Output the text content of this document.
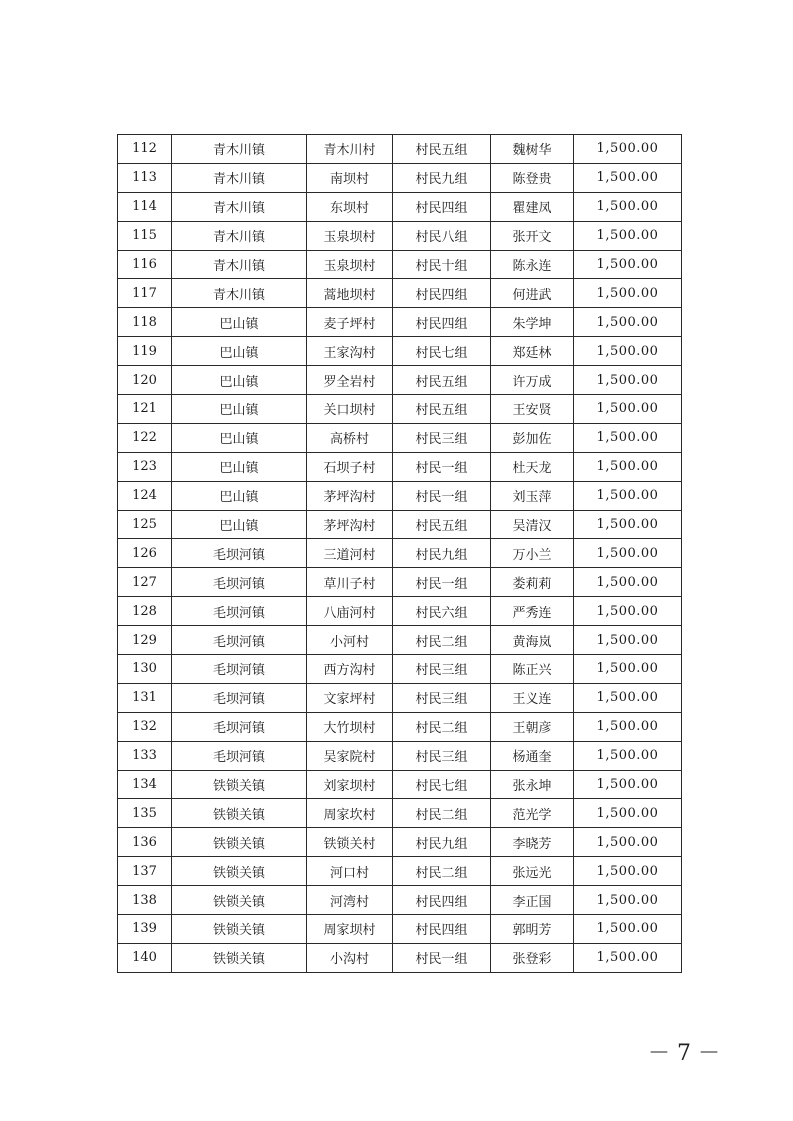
112	青木川镇	青木川村	村民五组	魏树华	1,500.00
113	青木川镇	南坝村	村民九组	陈登贵	1,500.00
114	青木川镇	东坝村	村民四组	瞿建凤	1,500.00
115	青木川镇	玉泉坝村	村民八组	张开文	1,500.00
116	青木川镇	玉泉坝村	村民十组	陈永连	1,500.00
117	青木川镇	蒿地坝村	村民四组	何进武	1,500.00
118	巴山镇	麦子坪村	村民四组	朱学坤	1,500.00
119	巴山镇	王家沟村	村民七组	郑廷林	1,500.00
120	巴山镇	罗全岩村	村民五组	许万成	1,500.00
121	巴山镇	关口坝村	村民五组	王安贤	1,500.00
122	巴山镇	高桥村	村民三组	彭加佐	1,500.00
123	巴山镇	石坝子村	村民一组	杜天龙	1,500.00
124	巴山镇	茅坪沟村	村民一组	刘玉萍	1,500.00
125	巴山镇	茅坪沟村	村民五组	吴清汉	1,500.00
126	毛坝河镇	三道河村	村民九组	万小兰	1,500.00
127	毛坝河镇	草川子村	村民一组	娄莉莉	1,500.00
128	毛坝河镇	八庙河村	村民六组	严秀连	1,500.00
129	毛坝河镇	小河村	村民二组	黄海岚	1,500.00
130	毛坝河镇	西方沟村	村民三组	陈正兴	1,500.00
131	毛坝河镇	文家坪村	村民三组	王义连	1,500.00
132	毛坝河镇	大竹坝村	村民二组	王朝彦	1,500.00
133	毛坝河镇	吴家院村	村民三组	杨通奎	1,500.00
134	铁锁关镇	刘家坝村	村民七组	张永坤	1,500.00
135	铁锁关镇	周家坎村	村民二组	范光学	1,500.00
136	铁锁关镇	铁锁关村	村民九组	李晓芳	1,500.00
137	铁锁关镇	河口村	村民二组	张远光	1,500.00
138	铁锁关镇	河湾村	村民四组	李正国	1,500.00
139	铁锁关镇	周家坝村	村民四组	郭明芳	1,500.00
140	铁锁关镇	小沟村	村民一组	张登彩	1,500.00
－ 7 －
